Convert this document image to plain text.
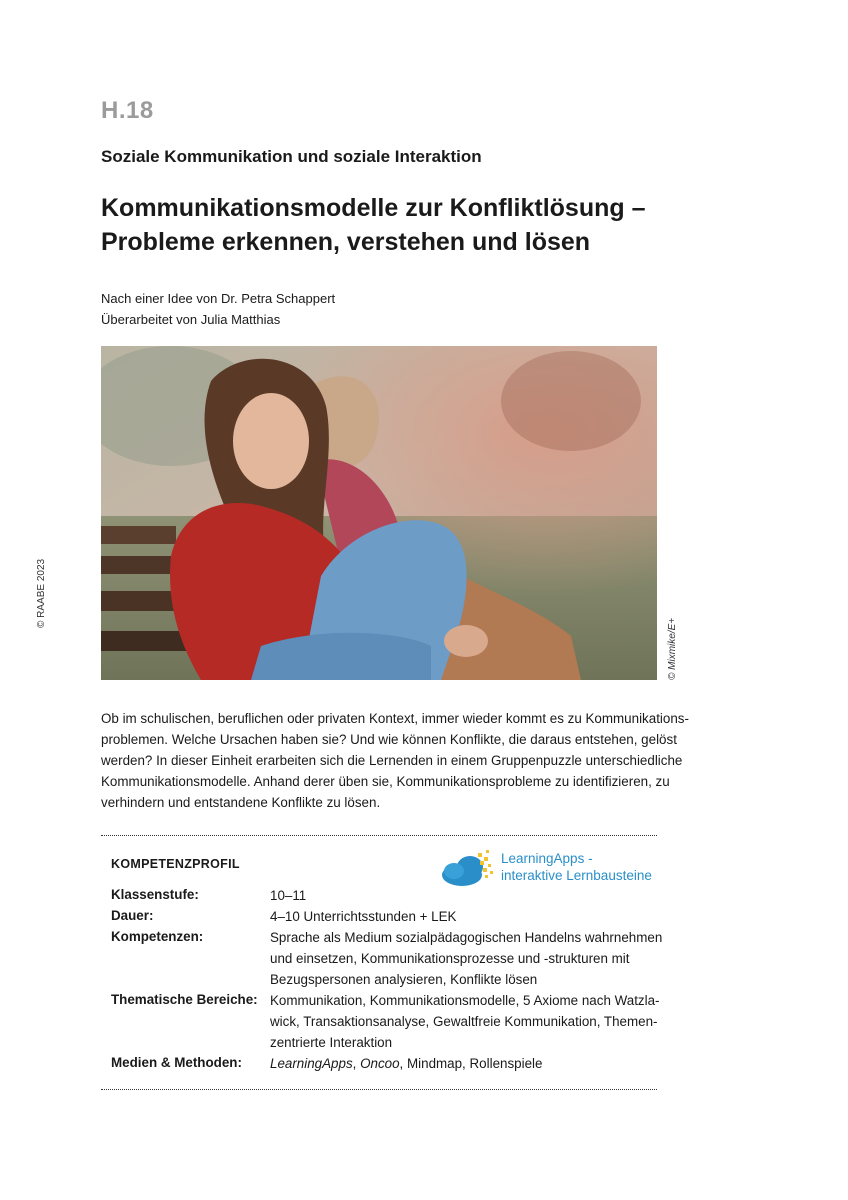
H.18
Soziale Kommunikation und soziale Interaktion
Kommunikationsmodelle zur Konfliktlösung –
Probleme erkennen, verstehen und lösen
Nach einer Idee von Dr. Petra Schappert
Überarbeitet von Julia Matthias
© RAABE 2023
© Mixmike/E+
Ob im schulischen, beruflichen oder privaten Kontext, immer wieder kommt es zu Kommunikations-
problemen. Welche Ursachen haben sie? Und wie können Konflikte, die daraus entstehen, gelöst
werden? In dieser Einheit erarbeiten sich die Lernenden in einem Gruppenpuzzle unterschiedliche
Kommunikationsmodelle. Anhand derer üben sie, Kommunikationsprobleme zu identifizieren, zu
verhindern und entstandene Konflikte zu lösen.
KOMPETENZPROFIL	LearningApps -
interaktive Lernbausteine
Klassenstufe:	10–11
Dauer:	4–10 Unterrichtsstunden + LEK
Kompetenzen:	Sprache als Medium sozialpädagogischen Handelns wahrnehmen
und einsetzen, Kommunikationsprozesse und -strukturen mit
Bezugspersonen analysieren, Konflikte lösen
Thematische Bereiche: Kommunikation, Kommunikationsmodelle, 5 Axiome nach Watzla-
wick, Transaktionsanalyse, Gewaltfreie Kommunikation, Themen-
zentrierte Interaktion
Medien & Methoden: LearningApps, Oncoo, Mindmap, Rollenspiele
